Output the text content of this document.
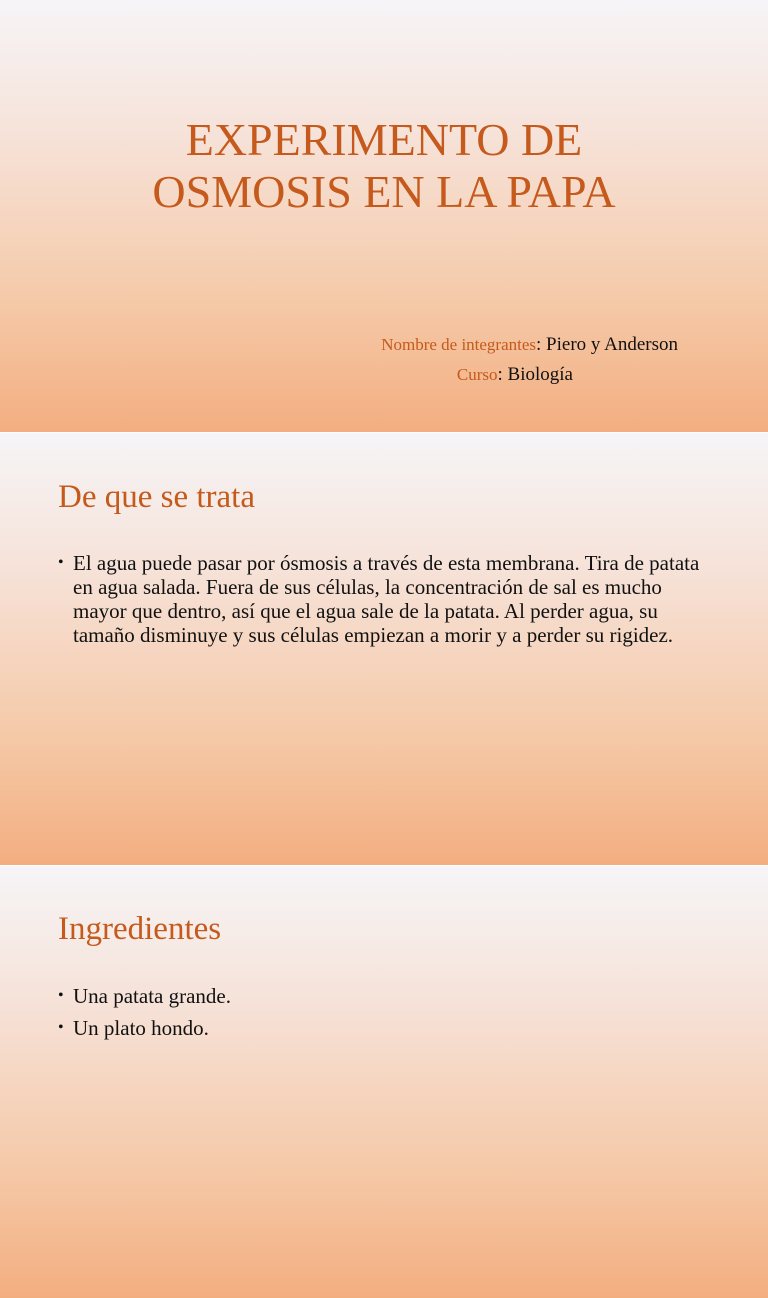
EXPERIMENTO DE
OSMOSIS EN LA PAPA
Nombre de integrantes: Piero y Anderson
Curso: Biología
De que se trata
• El agua puede pasar por ósmosis a través de esta membrana. Tira de patata en agua salada. Fuera de sus células, la concentración de sal es mucho mayor que dentro, así que el agua sale de la patata. Al perder agua, su tamaño disminuye y sus células empiezan a morir y a perder su rigidez.
Ingredientes
• Una patata grande.
• Un plato hondo.
